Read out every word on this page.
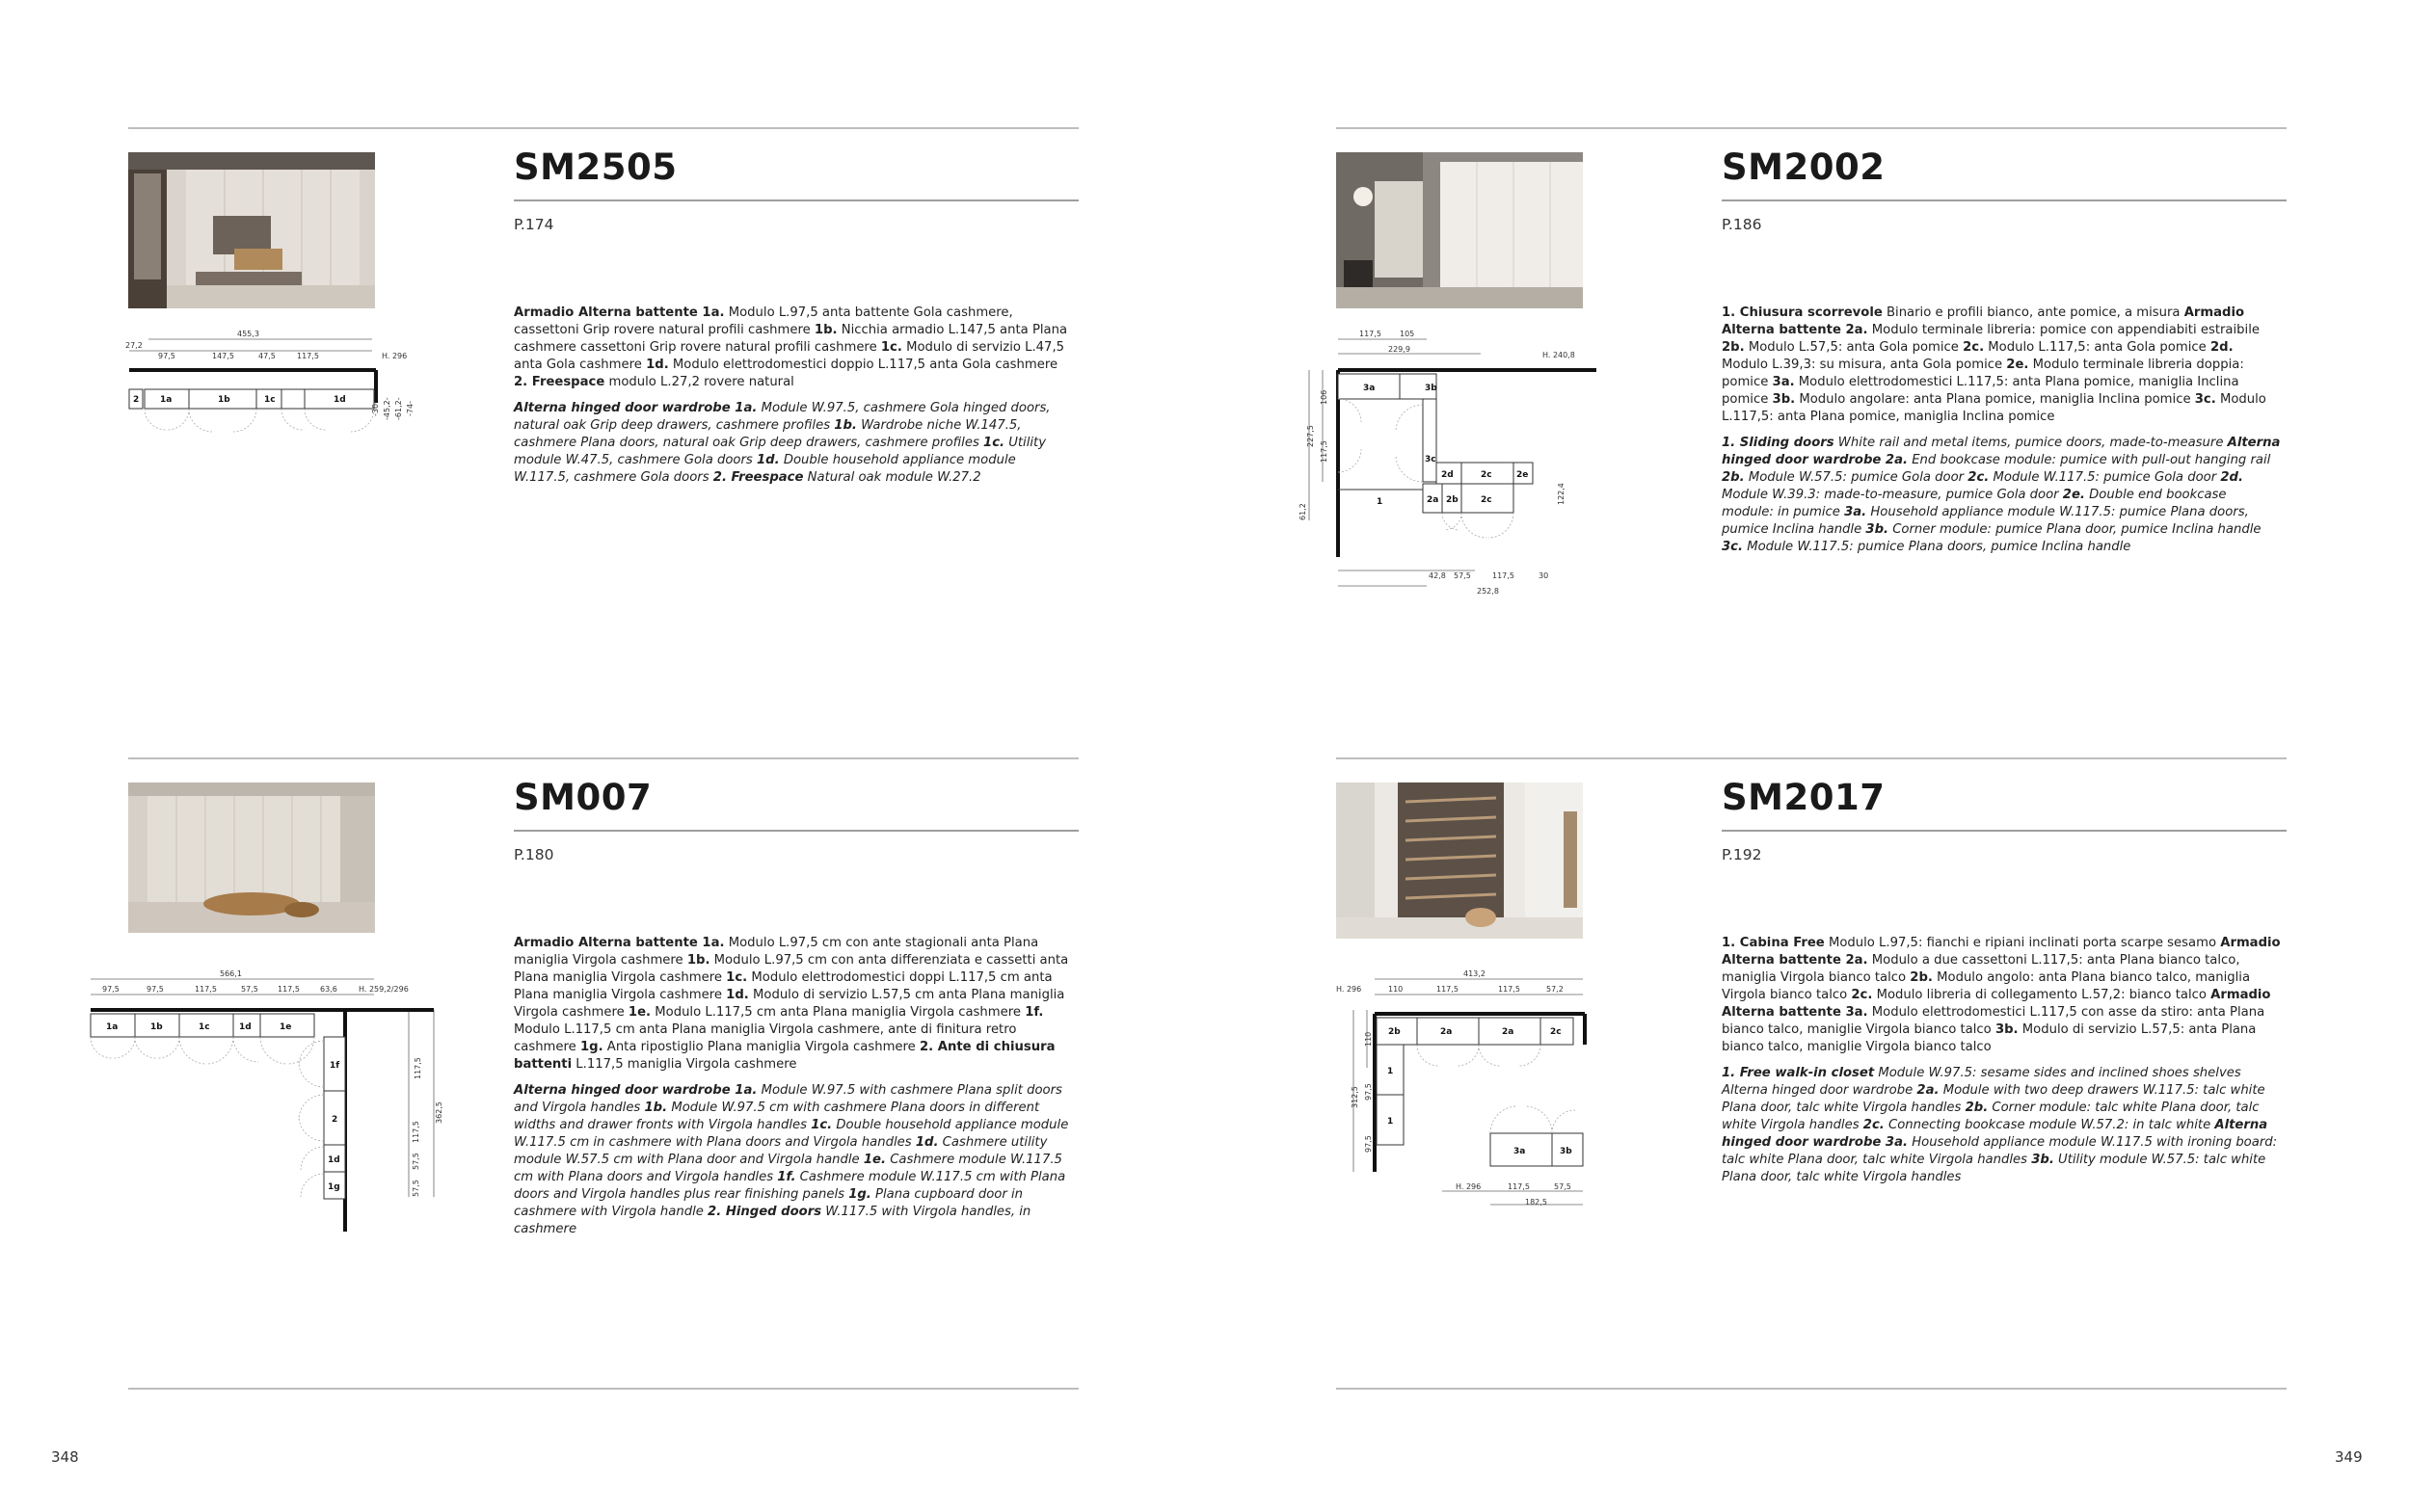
348	349
455,3
27,2
97,5	147,5	47,5	117,5	H. 296
-30- -45,2- -61,2- -74-
2 1a	1b	1c	1d
SM2505
P.174

Armadio Alterna battente 1a. Modulo L.97,5 anta battente Gola cashmere, cassettoni Grip rovere natural profili cashmere 1b. Nicchia armadio L.147,5 anta Plana cashmere cassettoni Grip rovere natural profili cashmere 1c. Modulo di servizio L.47,5 anta Gola cashmere 1d. Modulo elettrodomestici doppio L.117,5 anta Gola cashmere 2. Freespace modulo L.27,2 rovere natural

Alterna hinged door wardrobe 1a. Module W.97.5, cashmere Gola hinged doors, natural oak Grip deep drawers, cashmere profiles 1b. Wardrobe niche W.147.5, cashmere Plana doors, natural oak Grip deep drawers, cashmere profiles 1c. Utility module W.47.5, cashmere Gola doors 1d. Double household appliance module W.117.5, cashmere Gola doors 2. Freespace Natural oak module W.27.2

117,5 105
229,9
H. 240,8
227,5
106
117,5
61,2
122,4
42,8 57,5	117,5	30
252,8
3a	3b
3c
1
2d	2c	2e
2a 2b	2c
SM2002
P.186

1. Chiusura scorrevole Binario e profili bianco, ante pomice, a misura Armadio Alterna battente 2a. Modulo terminale libreria: pomice con appendiabiti estraibile 2b. Modulo L.57,5: anta Gola pomice 2c. Modulo L.117,5: anta Gola pomice 2d. Modulo L.39,3: su misura, anta Gola pomice 2e. Modulo terminale libreria doppia: pomice 3a. Modulo elettrodomestici L.117,5: anta Plana pomice, maniglia Inclina pomice 3b. Modulo angolare: anta Plana pomice, maniglia Inclina pomice 3c. Modulo L.117,5: anta Plana pomice, maniglia Inclina pomice

1. Sliding doors White rail and metal items, pumice doors, made-to-measure Alterna hinged door wardrobe 2a. End bookcase module: pumice with pull-out hanging rail 2b. Module W.57.5: pumice Gola door 2c. Module W.117.5: pumice Gola door 2d. Module W.39.3: made-to-measure, pumice Gola door 2e. Double end bookcase module: in pumice 3a. Household appliance module W.117.5: pumice Plana doors, pumice Inclina handle 3b. Corner module: pumice Plana door, pumice Inclina handle 3c. Module W.117.5: pumice Plana doors, pumice Inclina handle

566,1
97,5	97,5	117,5	57,5	117,5	63,6	H. 259,2/296
117,5
117,5
57,5
57,5
362,5
1a	1b	1c	1d	1e
1f
2
1d
1g
SM007
P.180

Armadio Alterna battente 1a. Modulo L.97,5 cm con ante stagionali anta Plana maniglia Virgola cashmere 1b. Modulo L.97,5 cm con anta differenziata e cassetti anta Plana maniglia Virgola cashmere 1c. Modulo elettrodomestici doppi L.117,5 cm anta Plana maniglia Virgola cashmere 1d. Modulo di servizio L.57,5 cm anta Plana maniglia Virgola cashmere 1e. Modulo L.117,5 cm anta Plana maniglia Virgola cashmere 1f. Modulo L.117,5 cm anta Plana maniglia Virgola cashmere, ante di finitura retro cashmere 1g. Anta ripostiglio Plana maniglia Virgola cashmere 2. Ante di chiusura battenti L.117,5 maniglia Virgola cashmere

Alterna hinged door wardrobe 1a. Module W.97.5 with cashmere Plana split doors and Virgola handles 1b. Module W.97.5 cm with cashmere Plana doors in different widths and drawer fronts with Virgola handles 1c. Double household appliance module W.117.5 cm in cashmere with Plana doors and Virgola handles 1d. Cashmere utility module W.57.5 cm with Plana door and Virgola handle 1e. Cashmere module W.117.5 cm with Plana doors and Virgola handles 1f. Cashmere module W.117.5 cm with Plana doors and Virgola handles plus rear finishing panels 1g. Plana cupboard door in cashmere with Virgola handle 2. Hinged doors W.117.5 with Virgola handles, in cashmere

413,2
H. 296	110	117,5	117,5	57,2
110
97,5
312,5
97,5
H. 296	117,5	57,5
182,5
2b	2a	2a	2c
1
1
3a	3b
SM2017
P.192

1. Cabina Free Modulo L.97,5: fianchi e ripiani inclinati porta scarpe sesamo Armadio Alterna battente 2a. Modulo a due cassettoni L.117,5: anta Plana bianco talco, maniglia Virgola bianco talco 2b. Modulo angolo: anta Plana bianco talco, maniglia Virgola bianco talco 2c. Modulo libreria di collegamento L.57,2: bianco talco Armadio Alterna battente 3a. Modulo elettrodomestici L.117,5 con asse da stiro: anta Plana bianco talco, maniglie Virgola bianco talco 3b. Modulo di servizio L.57,5: anta Plana bianco talco, maniglie Virgola bianco talco

1. Free walk-in closet Module W.97.5: sesame sides and inclined shoes shelves Alterna hinged door wardrobe 2a. Module with two deep drawers W.117.5: talc white Plana door, talc white Virgola handles 2b. Corner module: talc white Plana door, talc white Virgola handles 2c. Connecting bookcase module W.57.2: in talc white Alterna hinged door wardrobe 3a. Household appliance module W.117.5 with ironing board: talc white Plana door, talc white Virgola handles 3b. Utility module W.57.5: talc white Plana door, talc white Virgola handles
